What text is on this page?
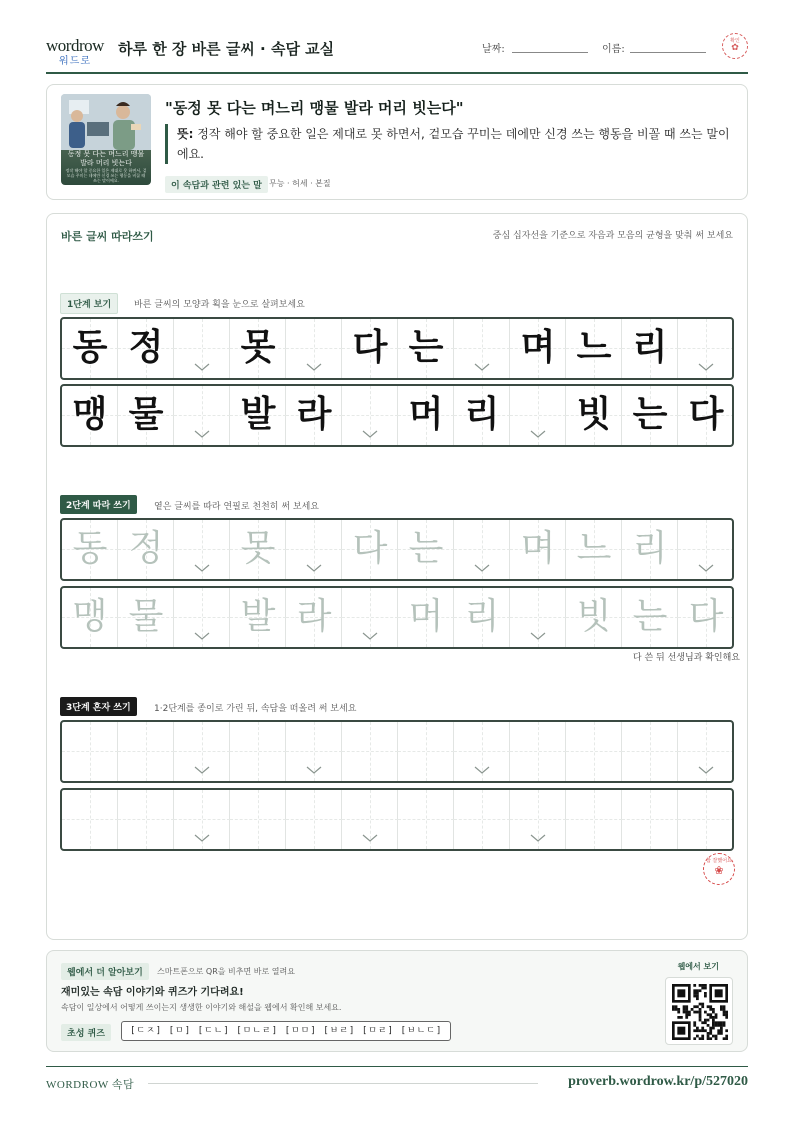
wordrow
워드로
하루 한 장 바른 글씨 · 속담 교실	날짜:	이름:
확인
✿
동정 못 다는 며느리 맹물 발라 머리 빗는다
정작 해야 할 중요한 일은 제대로 못 하면서, 겉모습 꾸미는 데에만 신경 쓰는 행동을 비꼴 때 쓰는 말이에요.
"동정 못 다는 며느리 맹물 발라 머리 빗는다"
뜻: 정작 해야 할 중요한 일은 제대로 못 하면서, 겉모습 꾸미는 데에만 신경 쓰는 행동을 비꼴 때 쓰는 말이에요.
이 속담과 관련 있는 말 무능 · 허세 · 본질
바른 글씨 따라쓰기	중심 십자선을 기준으로 자음과 모음의 균형을 맞춰 써 보세요
1단계 보기	바른 글씨의 모양과 획을 눈으로 살펴보세요
2단계 따라 쓰기	옅은 글씨를 따라 연필로 천천히 써 보세요
3단계 혼자 쓰기	1·2단계를 종이로 가린 뒤, 속담을 떠올려 써 보세요
동 정 못 다 는 며 느 리
맹 물 발 라 머 리 빗 는 다
동 정 못 다 는 며 느 리
맹 물 발 라 머 리 빗 는 다
다 쓴 뒤 선생님과 확인해요
참 잘했어요
❀
웹에서 더 알아보기	스마트폰으로 QR을 비추면 바로 열려요
재미있는 속담 이야기와 퀴즈가 기다려요!
속담이 일상에서 어떻게 쓰이는지 생생한 이야기와 해설을 웹에서 확인해 보세요.
초성 퀴즈	[ㄷㅈ] [ㅁ] [ㄷㄴ] [ㅁㄴㄹ] [ㅁㅁ] [ㅂㄹ] [ㅁㄹ] [ㅂㄴㄷ]
웹에서 보기
WORDROW 속담	proverb.wordrow.kr/p/527020
